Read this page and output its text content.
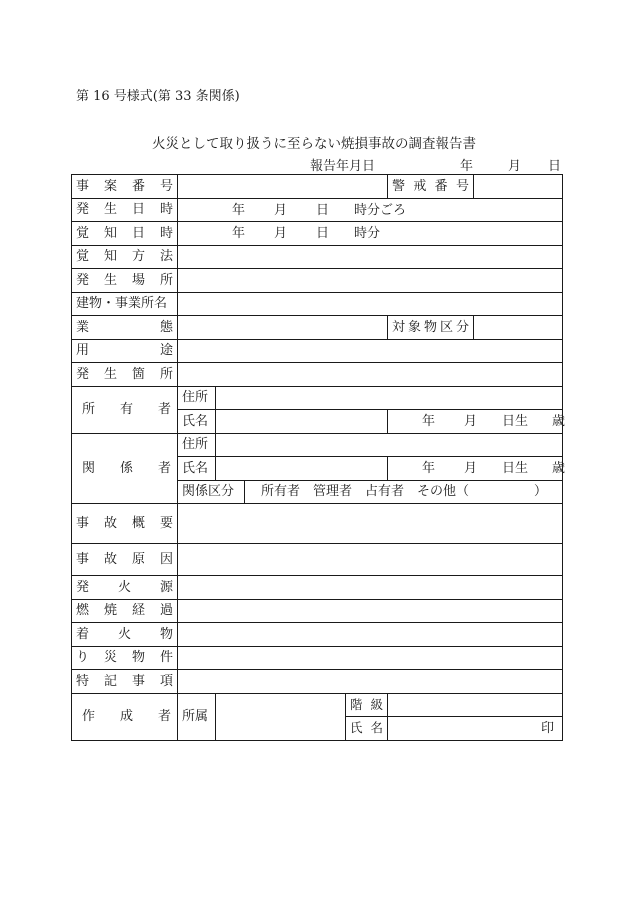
第 16 号様式(第 33 条関係)
火災として取り扱うに至らない焼損事故の調査報告書
報告年月日	年	月 日
事案番号					警戒番号	
発生日時	年 月 日 時分ごろ					

覚知日時	年 月 日 時分					

覚知方法						
発生場所						
建物・事業所名						
業態					対象物区分	
用途						
発生箇所						
所有者	住所					
	氏名				年 月 日生 歳	

関係者	住所					
	氏名				年 月 日生 歳	

	関係区分		所有者　管理者　占有者　その他（　　　　　）			
事故概要						
事故原因						
発火源						
燃焼経過						
着火物						
り災物件						
特記事項						
作成者	所属			階級		
				氏名	印	
